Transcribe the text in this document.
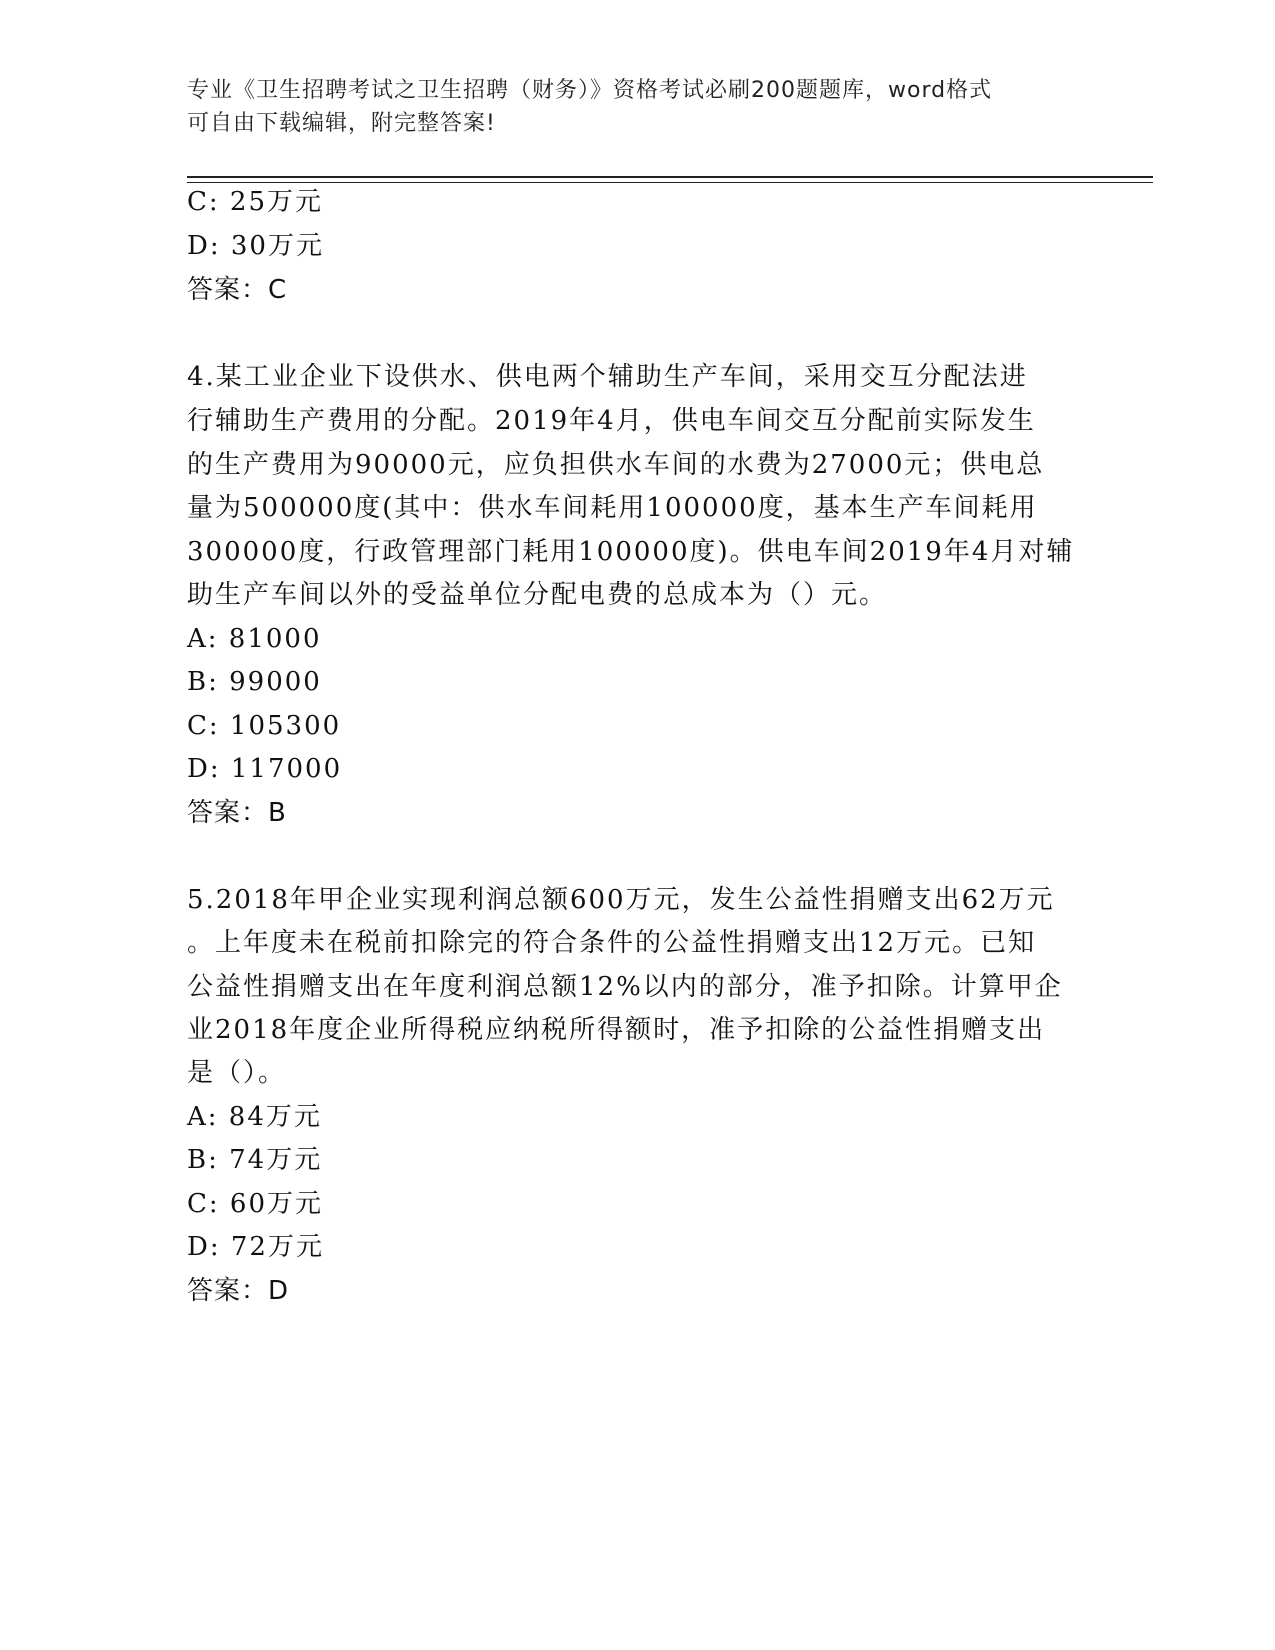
专业《卫生招聘考试之卫生招聘（财务）》资格考试必刷200题题库，word格式
可自由下载编辑，附完整答案!
C: 25万元
D: 30万元
答案：C
4.某工业企业下设供水、供电两个辅助生产车间，采用交互分配法进
行辅助生产费用的分配。2019年4月，供电车间交互分配前实际发生
的生产费用为90000元，应负担供水车间的水费为27000元；供电总
量为500000度(其中：供水车间耗用100000度，基本生产车间耗用
300000度，行政管理部门耗用100000度)。供电车间2019年4月对辅
助生产车间以外的受益单位分配电费的总成本为（）元。
A: 81000
B: 99000
C: 105300
D: 117000
答案：B
5.2018年甲企业实现利润总额600万元，发生公益性捐赠支出62万元
。上年度未在税前扣除完的符合条件的公益性捐赠支出12万元。已知
公益性捐赠支出在年度利润总额12%以内的部分，准予扣除。计算甲企
业2018年度企业所得税应纳税所得额时，准予扣除的公益性捐赠支出
是（）。
A: 84万元
B: 74万元
C: 60万元
D: 72万元
答案：D
